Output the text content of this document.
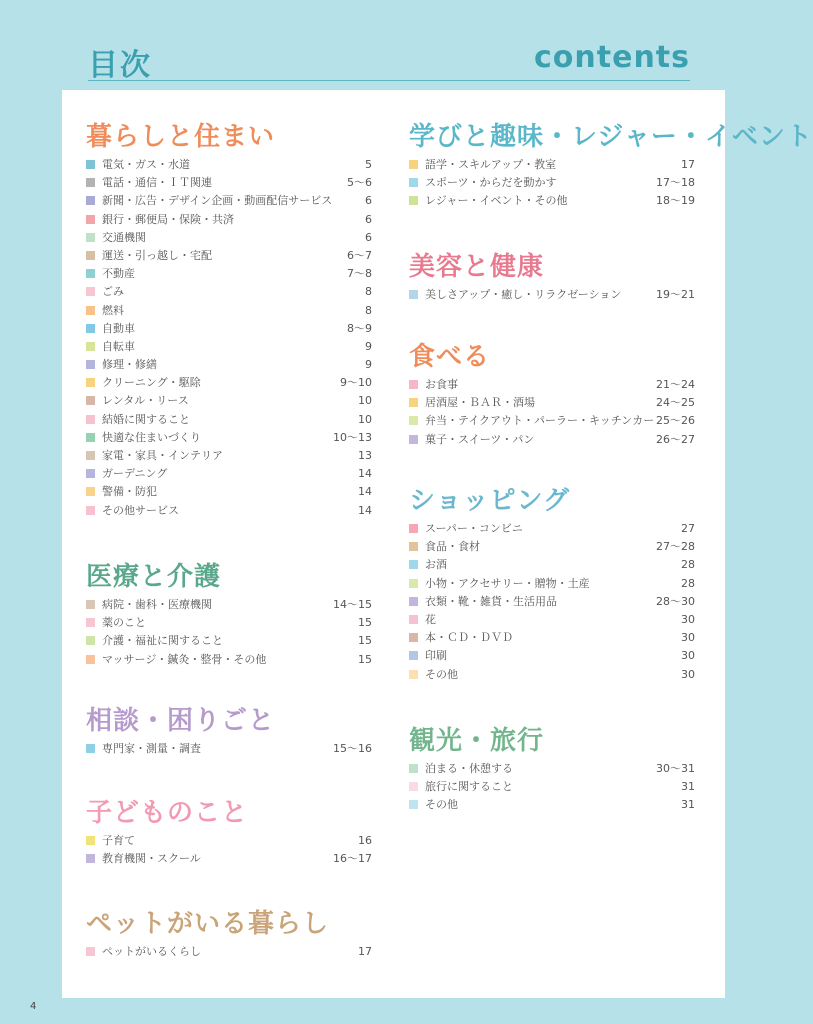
目次	contents
暮らしと住まい
電気・ガス・水道	5
電話・通信・ＩＴ関連	5〜6
新聞・広告・デザイン企画・動画配信サービス	6
銀行・郵便局・保険・共済	6
交通機関	6
運送・引っ越し・宅配	6〜7
不動産	7〜8
ごみ	8
燃料	8
自動車	8〜9
自転車	9
修理・修繕	9
クリーニング・駆除	9〜10
レンタル・リース	10
結婚に関すること	10
快適な住まいづくり	10〜13
家電・家具・インテリア	13
ガーデニング	14
警備・防犯	14
その他サービス	14
医療と介護
病院・歯科・医療機関	14〜15
薬のこと	15
介護・福祉に関すること	15
マッサージ・鍼灸・整骨・その他	15
相談・困りごと
専門家・測量・調査	15〜16
子どものこと
子育て	16
教育機関・スクール	16〜17
ペットがいる暮らし
ペットがいるくらし	17
学びと趣味・レジャー・イベント
語学・スキルアップ・教室	17
スポーツ・からだを動かす	17〜18
レジャー・イベント・その他	18〜19
美容と健康
美しさアップ・癒し・リラクゼーション	19〜21
食べる
お食事	21〜24
居酒屋・ＢＡＲ・酒場	24〜25
弁当・テイクアウト・パーラー・キッチンカー 25〜26
菓子・スイーツ・パン	26〜27
ショッピング
スーパー・コンビニ	27
食品・食材	27〜28
お酒	28
小物・アクセサリー・贈物・土産	28
衣類・靴・雑貨・生活用品	28〜30
花	30
本・ＣＤ・ＤＶＤ	30
印刷	30
その他	30
観光・旅行
泊まる・休憩する	30〜31
旅行に関すること	31
その他	31
4
